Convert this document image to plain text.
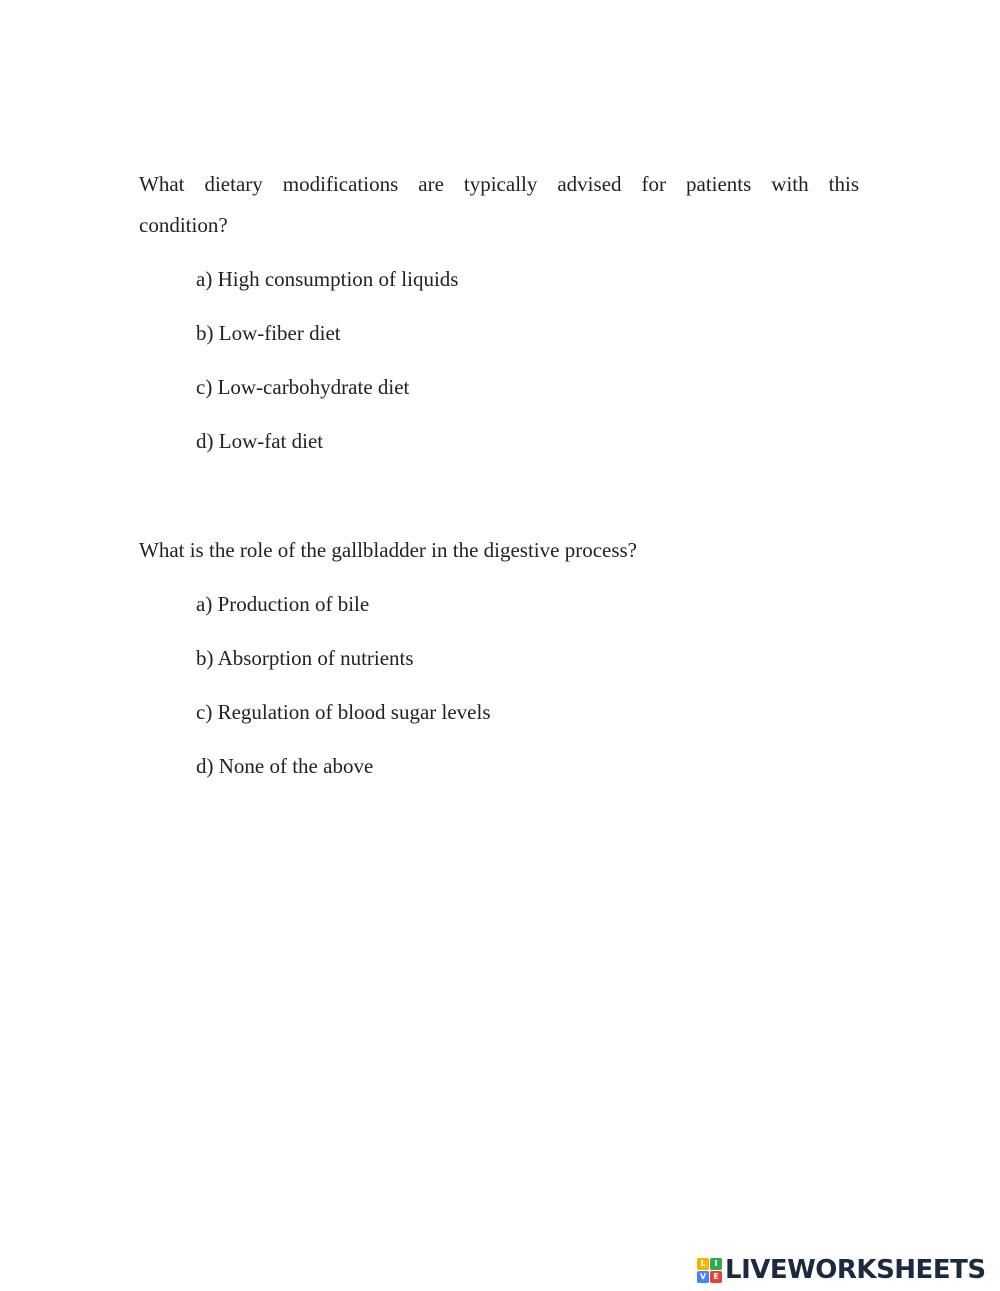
What dietary modifications are typically advised for patients with this
condition?

a) High consumption of liquids

b) Low-fiber diet

c) Low-carbohydrate diet

d) Low-fat diet

What is the role of the gallbladder in the digestive process?

a) Production of bile

b) Absorption of nutrients

c) Regulation of blood sugar levels

d) None of the above

L	I
V E LIVEWORKSHEETS
